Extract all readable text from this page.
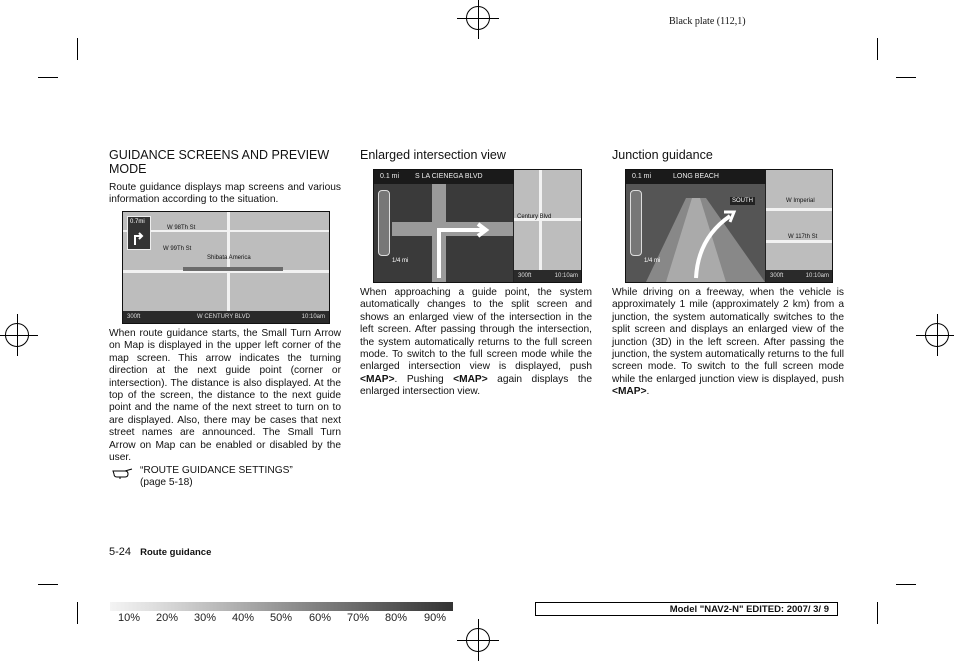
Black plate (112,1)
GUIDANCE SCREENS AND PREVIEW MODE
Route guidance displays map screens and various information according to the situation.
0.7mi
W 98Th St
W 99Th St
Shibata America
300ft	W CENTURY BLVD	10:10am
When route guidance starts, the Small Turn Arrow on Map is displayed in the upper left corner of the map screen. This arrow indicates the turning direction at the next guide point (corner or intersection). The distance is also displayed. At the top of the screen, the distance to the next guide point and the name of the next street to turn on to are displayed. Also, there may be cases that next street names are announced. The Small Turn Arrow on Map can be enabled or disabled by the user.
“ROUTE GUIDANCE SETTINGS”
(page 5-18)
Enlarged intersection view
0.1 mi S LA CIENEGA BLVD
1/4 mi
Century Blvd
300ft	10:10am
When approaching a guide point, the system automatically changes to the split screen and shows an enlarged view of the intersection in the left screen. After passing through the intersection, the system automatically returns to the full screen mode. To switch to the full screen mode while the enlarged intersection view is displayed, push <MAP>. Pushing <MAP> again displays the enlarged intersection view.
Junction guidance
0.1 mi	LONG BEACH
SOUTH
1/4 mi
W Imperial
W 117th St
300ft	10:10am
While driving on a freeway, when the vehicle is approximately 1 mile (approximately 2 km) from a junction, the system automatically switches to the split screen and displays an enlarged view of the junction (3D) in the left screen. After passing the junction, the system automatically returns to the full screen mode. To switch to the full screen mode while the enlarged junction view is displayed, push <MAP>.
5-24 Route guidance
10% 20% 30% 40% 50% 60% 70% 80% 90%
Model "NAV2-N" EDITED: 2007/ 3/ 9
